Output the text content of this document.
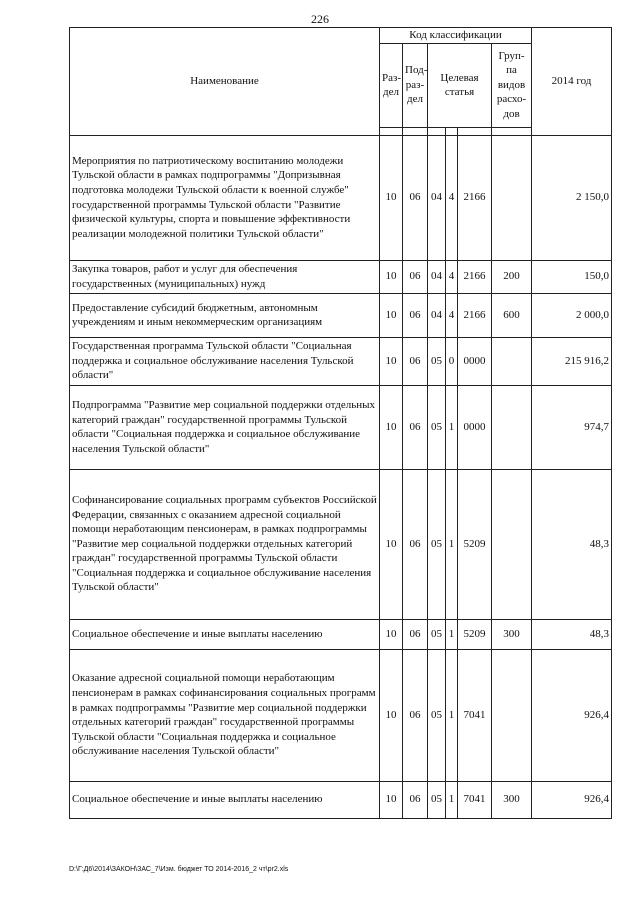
226
Наименование	Код классификации						2014 год
	Раз-дел	Под-раз-дел	Целевая статья			Груп-па видов расхо-дов	

Мероприятия по патриотическому воспитанию молодежи Тульской области в рамках подпрограммы "Допризывная подготовка молодежи Тульской области к военной службе" государственной программы Тульской области "Развитие физической культуры, спорта и повышение эффективности реализации молодежной политики Тульской области"	10	06	04	4	2166		2 150,0
Закупка товаров, работ и услуг для обеспечения государственных (муниципальных) нужд	10	06	04	4	2166	200	150,0
Предоставление субсидий бюджетным, автономным учреждениям и иным некоммерческим организациям	10	06	04	4	2166	600	2 000,0
Государственная программа Тульской области "Социальная поддержка и социальное обслуживание населения Тульской области"	10	06	05	0	0000		215 916,2
Подпрограмма "Развитие мер социальной поддержки отдельных категорий граждан" государственной программы Тульской области "Социальная поддержка и социальное обслуживание населения Тульской области"	10	06	05	1	0000		974,7
Софинансирование социальных программ субъектов Российской Федерации, связанных с оказанием адресной социальной помощи неработающим пенсионерам, в рамках подпрограммы "Развитие мер социальной поддержки отдельных категорий граждан" государственной программы Тульской области "Социальная поддержка и социальное обслуживание населения Тульской области"	10	06	05	1	5209		48,3
Социальное обеспечение и иные выплаты населению	10	06	05	1	5209	300	48,3
Оказание адресной социальной помощи неработающим пенсионерам в рамках софинансирования социальных программ в рамках подпрограммы "Развитие мер социальной поддержки отдельных категорий граждан" государственной программы Тульской области "Социальная поддержка и социальное обслуживание населения Тульской области"	10	06	05	1	7041		926,4
Социальное обеспечение и иные выплаты населению	10	06	05	1	7041	300	926,4
D:\Г:Д6\2014\ЗАКОН\ЗАС_7\Изм. бюджет ТО 2014-2016_2 чт\pr2.xls
